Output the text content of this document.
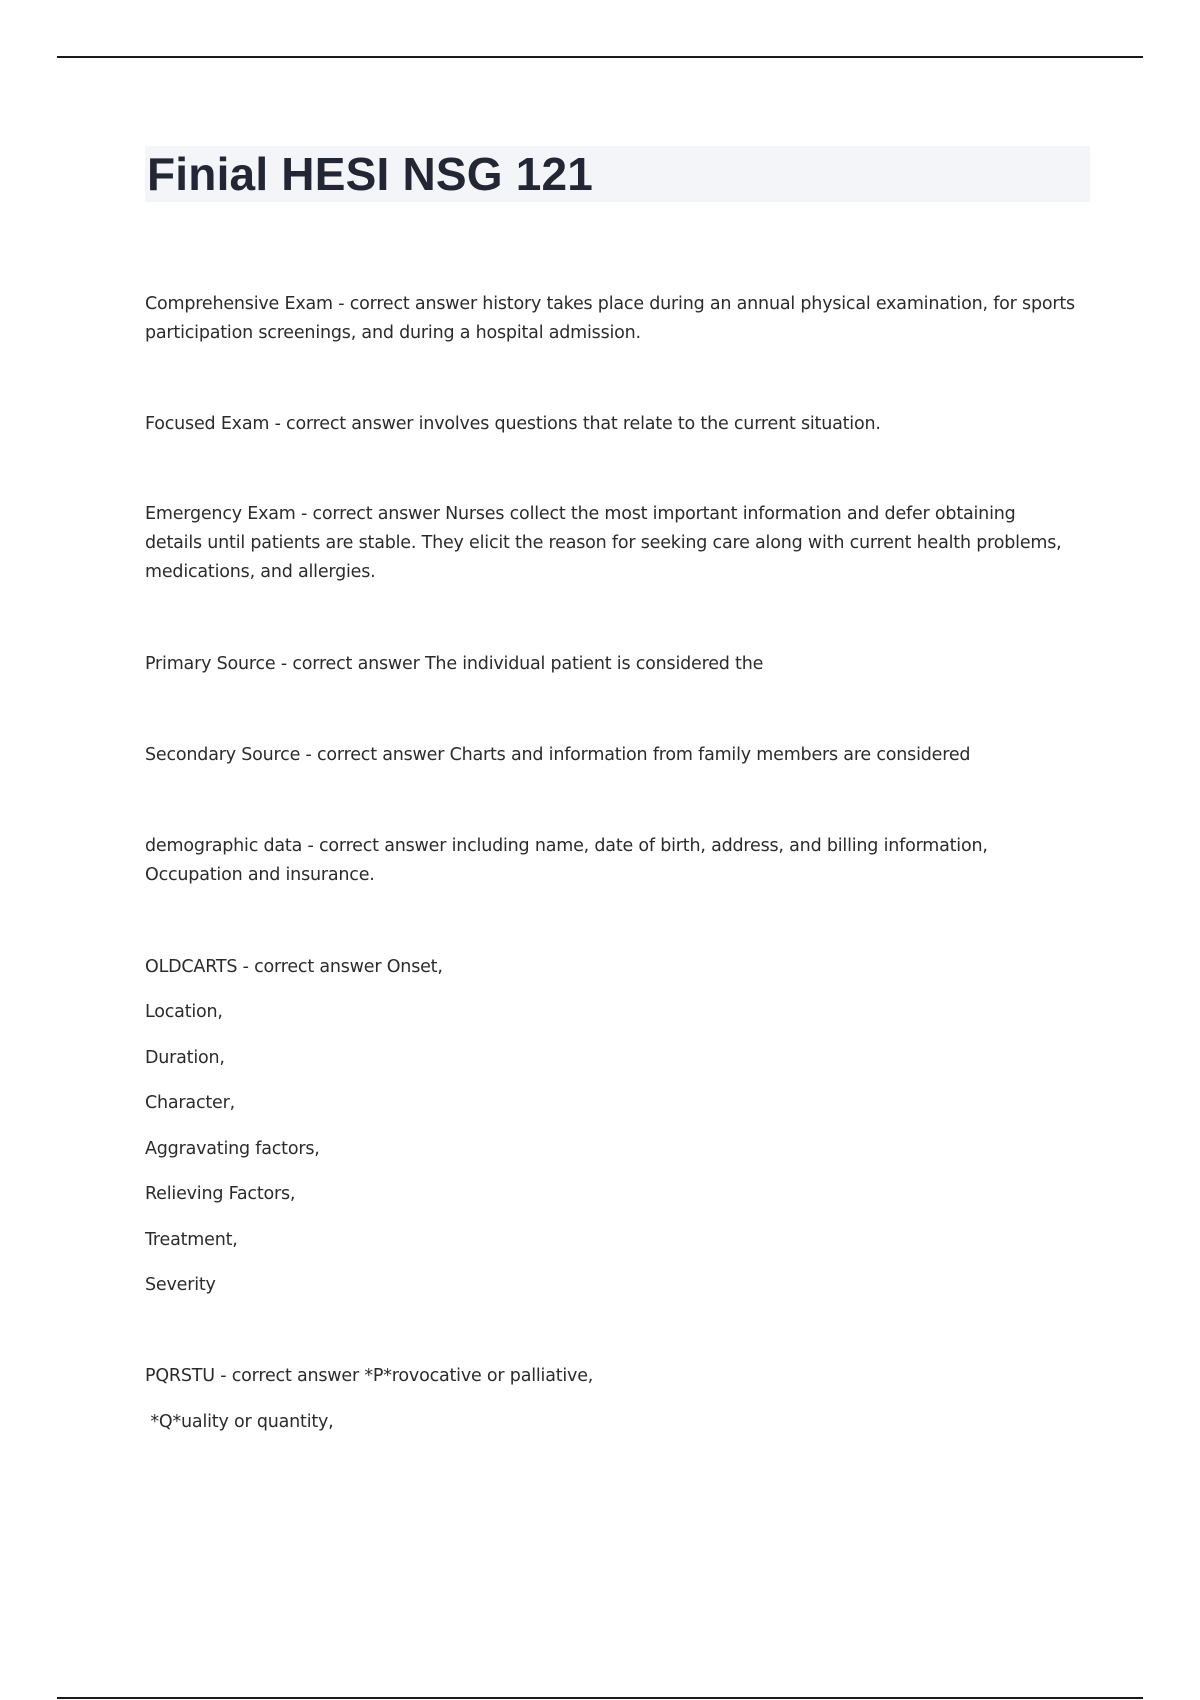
Finial HESI NSG 121

Comprehensive Exam - correct answer history takes place during an annual physical examination, for sports participation screenings, and during a hospital admission.

Focused Exam - correct answer involves questions that relate to the current situation.

Emergency Exam - correct answer Nurses collect the most important information and defer obtaining details until patients are stable. They elicit the reason for seeking care along with current health problems, medications, and allergies.

Primary Source - correct answer The individual patient is considered the

Secondary Source - correct answer Charts and information from family members are considered

demographic data - correct answer including name, date of birth, address, and billing information, Occupation and insurance.

OLDCARTS - correct answer Onset,

Location,

Duration,

Character,

Aggravating factors,

Relieving Factors,

Treatment,

Severity

PQRSTU - correct answer *P*rovocative or palliative,

*Q*uality or quantity,
